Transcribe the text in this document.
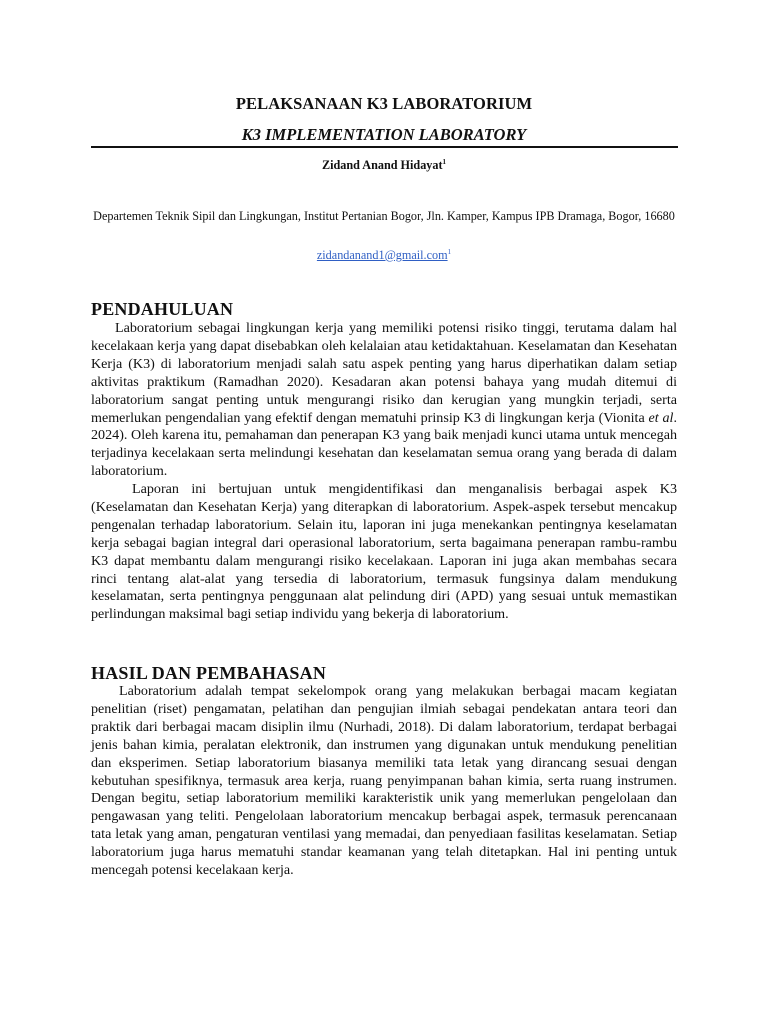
PELAKSANAAN K3 LABORATORIUM
K3 IMPLEMENTATION LABORATORY
Zidand Anand Hidayat$^1$
Departemen Teknik Sipil dan Lingkungan, Institut Pertanian Bogor, Jln. Kamper, Kampus IPB Dramaga, Bogor, 16680
zidandanand1@gmail.com$^1$
PENDAHULUAN

Laboratorium sebagai lingkungan kerja yang memiliki potensi risiko tinggi, terutama dalam hal kecelakaan kerja yang dapat disebabkan oleh kelalaian atau ketidaktahuan. Keselamatan dan Kesehatan Kerja (K3) di laboratorium menjadi salah satu aspek penting yang harus diperhatikan dalam setiap aktivitas praktikum (Ramadhan 2020). Kesadaran akan potensi bahaya yang mudah ditemui di laboratorium sangat penting untuk mengurangi risiko dan kerugian yang mungkin terjadi, serta memerlukan pengendalian yang efektif dengan mematuhi prinsip K3 di lingkungan kerja (Vionita et al. 2024). Oleh karena itu, pemahaman dan penerapan K3 yang baik menjadi kunci utama untuk mencegah terjadinya kecelakaan serta melindungi kesehatan dan keselamatan semua orang yang berada di dalam laboratorium.

Laporan ini bertujuan untuk mengidentifikasi dan menganalisis berbagai aspek K3 (Keselamatan dan Kesehatan Kerja) yang diterapkan di laboratorium. Aspek-aspek tersebut mencakup pengenalan terhadap laboratorium. Selain itu, laporan ini juga menekankan pentingnya keselamatan kerja sebagai bagian integral dari operasional laboratorium, serta bagaimana penerapan rambu-rambu K3 dapat membantu dalam mengurangi risiko kecelakaan. Laporan ini juga akan membahas secara rinci tentang alat-alat yang tersedia di laboratorium, termasuk fungsinya dalam mendukung keselamatan, serta pentingnya penggunaan alat pelindung diri (APD) yang sesuai untuk memastikan perlindungan maksimal bagi setiap individu yang bekerja di laboratorium.

HASIL DAN PEMBAHASAN

Laboratorium adalah tempat sekelompok orang yang melakukan berbagai macam kegiatan penelitian (riset) pengamatan, pelatihan dan pengujian ilmiah sebagai pendekatan antara teori dan praktik dari berbagai macam disiplin ilmu (Nurhadi, 2018). Di dalam laboratorium, terdapat berbagai jenis bahan kimia, peralatan elektronik, dan instrumen yang digunakan untuk mendukung penelitian dan eksperimen. Setiap laboratorium biasanya memiliki tata letak yang dirancang sesuai dengan kebutuhan spesifiknya, termasuk area kerja, ruang penyimpanan bahan kimia, serta ruang instrumen. Dengan begitu, setiap laboratorium memiliki karakteristik unik yang memerlukan pengelolaan dan pengawasan yang teliti. Pengelolaan laboratorium mencakup berbagai aspek, termasuk perencanaan tata letak yang aman, pengaturan ventilasi yang memadai, dan penyediaan fasilitas keselamatan. Setiap laboratorium juga harus mematuhi standar keamanan yang telah ditetapkan. Hal ini penting untuk mencegah potensi kecelakaan kerja.
